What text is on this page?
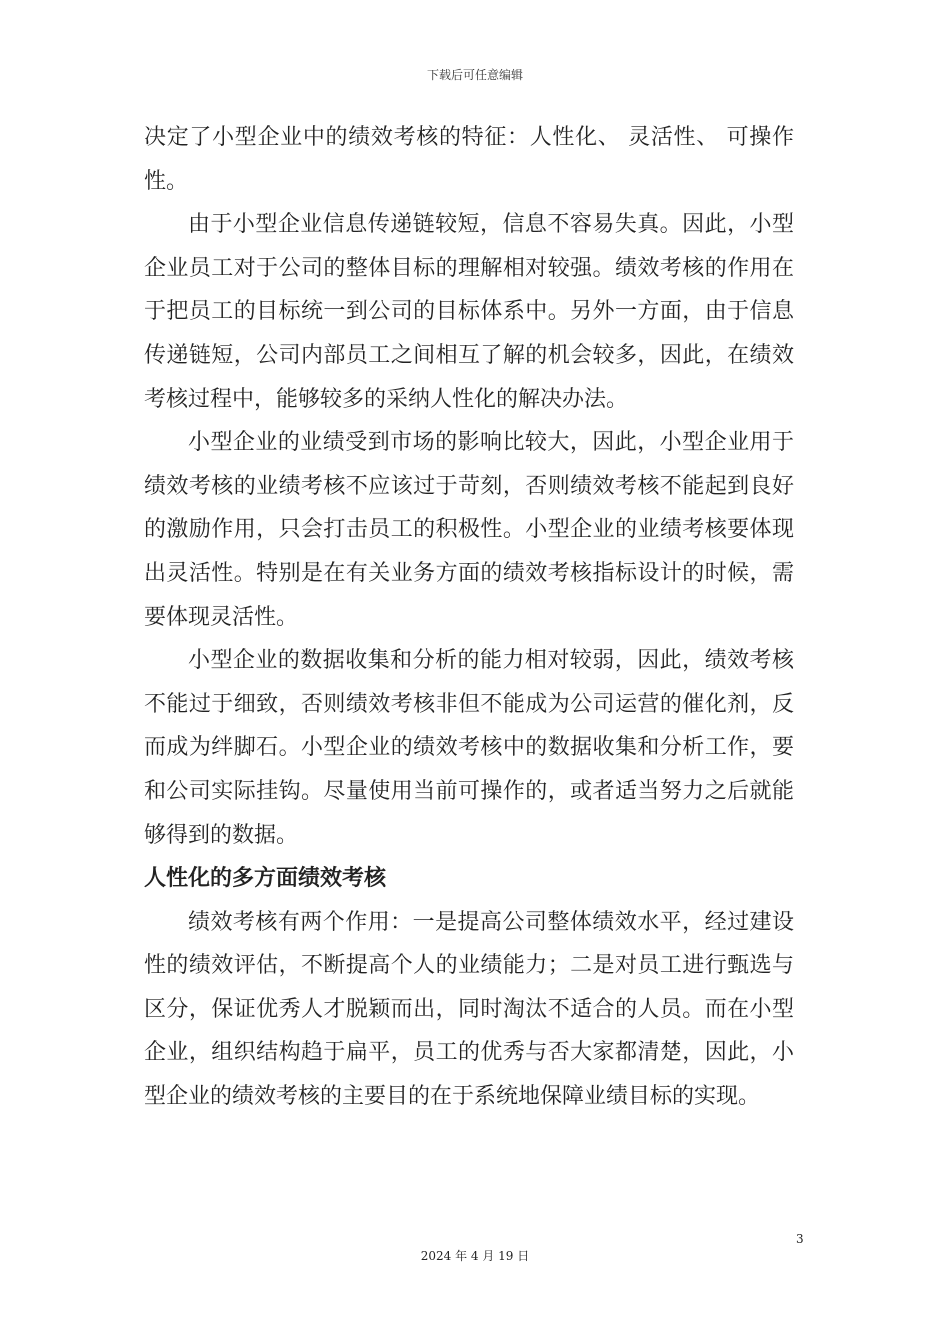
下载后可任意编辑

决定了小型企业中的绩效考核的特征：人性化、 灵活性、 可操作性。

由于小型企业信息传递链较短，信息不容易失真。因此，小型企业员工对于公司的整体目标的理解相对较强。绩效考核的作用在于把员工的目标统一到公司的目标体系中。另外一方面，由于信息传递链短，公司内部员工之间相互了解的机会较多，因此，在绩效考核过程中，能够较多的采纳人性化的解决办法。

小型企业的业绩受到市场的影响比较大，因此，小型企业用于绩效考核的业绩考核不应该过于苛刻，否则绩效考核不能起到良好的激励作用，只会打击员工的积极性。小型企业的业绩考核要体现出灵活性。特别是在有关业务方面的绩效考核指标设计的时候，需要体现灵活性。

小型企业的数据收集和分析的能力相对较弱，因此，绩效考核不能过于细致，否则绩效考核非但不能成为公司运营的催化剂，反而成为绊脚石。小型企业的绩效考核中的数据收集和分析工作，要和公司实际挂钩。尽量使用当前可操作的，或者适当努力之后就能够得到的数据。

人性化的多方面绩效考核

绩效考核有两个作用：一是提高公司整体绩效水平，经过建设性的绩效评估，不断提高个人的业绩能力；二是对员工进行甄选与区分，保证优秀人才脱颖而出，同时淘汰不适合的人员。而在小型企业，组织结构趋于扁平，员工的优秀与否大家都清楚，因此，小型企业的绩效考核的主要目的在于系统地保障业绩目标的实现。

3
2024 年 4 月 19 日
